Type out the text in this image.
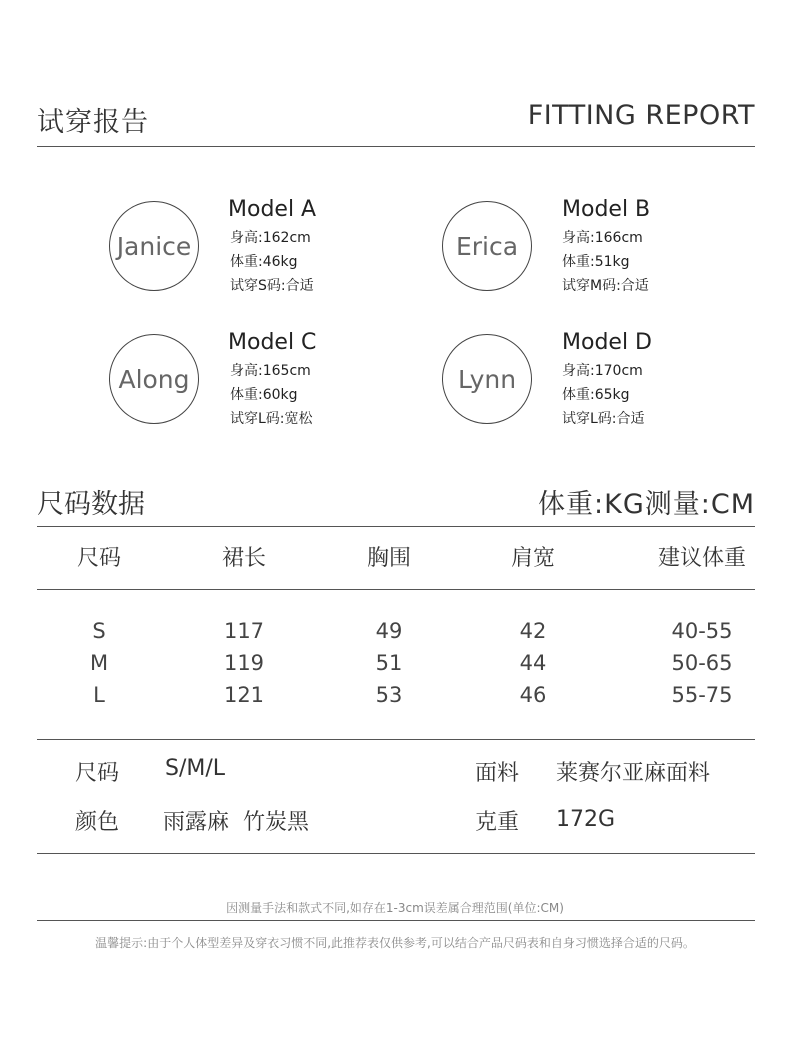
试穿报告	FITTING REPORT
Janice
Model A
身高:162cm
体重:46kg
试穿S码:合适
Erica
Model B
身高:166cm
体重:51kg
试穿M码:合适
Along
Model C
身高:165cm
体重:60kg
试穿L码:宽松
Lynn
Model D
身高:170cm
体重:65kg
试穿L码:合适
尺码数据	体重:KG测量:CM
尺码	裙长	胸围	肩宽	建议体重
S	117	49	42	40-55
M	119	51	44	50-65
L	121	53	46	55-75
尺码 S/M/L	面料 莱赛尔亚麻面料
颜色 雨露麻  竹炭黑	克重 172G
因测量手法和款式不同,如存在1-3cm误差属合理范围(单位:CM)
温馨提示:由于个人体型差异及穿衣习惯不同,此推荐表仅供参考,可以结合产品尺码表和自身习惯选择合适的尺码。
